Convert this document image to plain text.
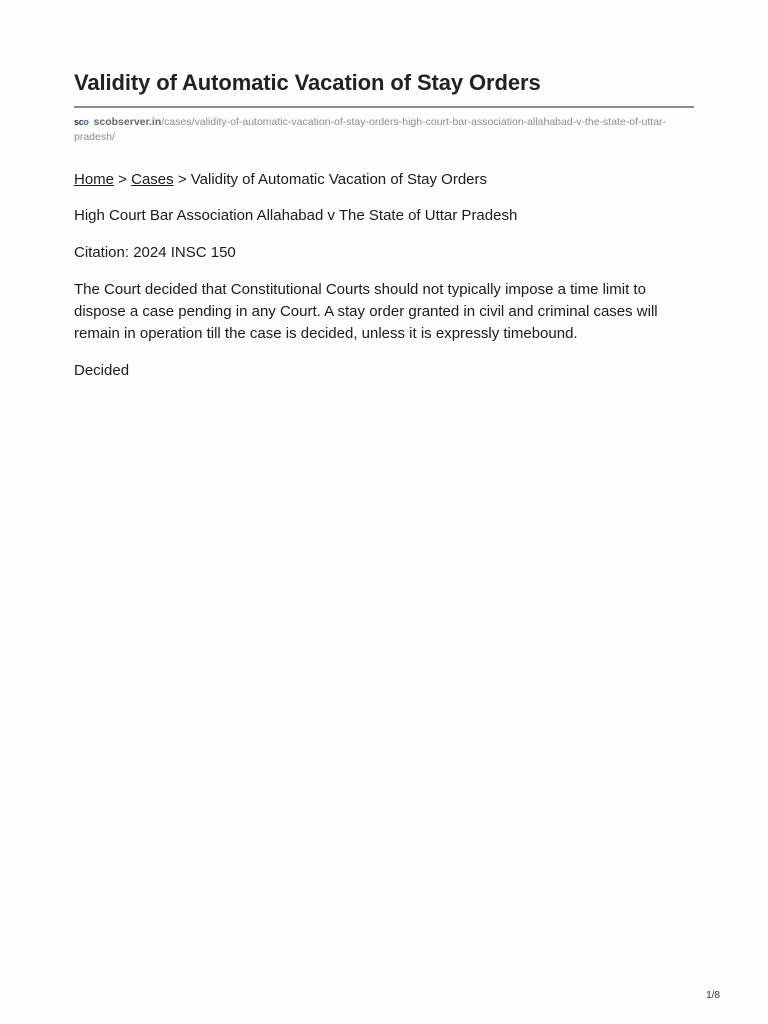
Validity of Automatic Vacation of Stay Orders
sco scobserver.in/cases/validity-of-automatic-vacation-of-stay-orders-high-court-bar-association-allahabad-v-the-state-of-uttar-pradesh/
Home > Cases > Validity of Automatic Vacation of Stay Orders

High Court Bar Association Allahabad v The State of Uttar Pradesh

Citation: 2024 INSC 150

The Court decided that Constitutional Courts should not typically impose a time limit to dispose a case pending in any Court. A stay order granted in civil and criminal cases will remain in operation till the case is decided, unless it is expressly timebound.

Decided

1/8
